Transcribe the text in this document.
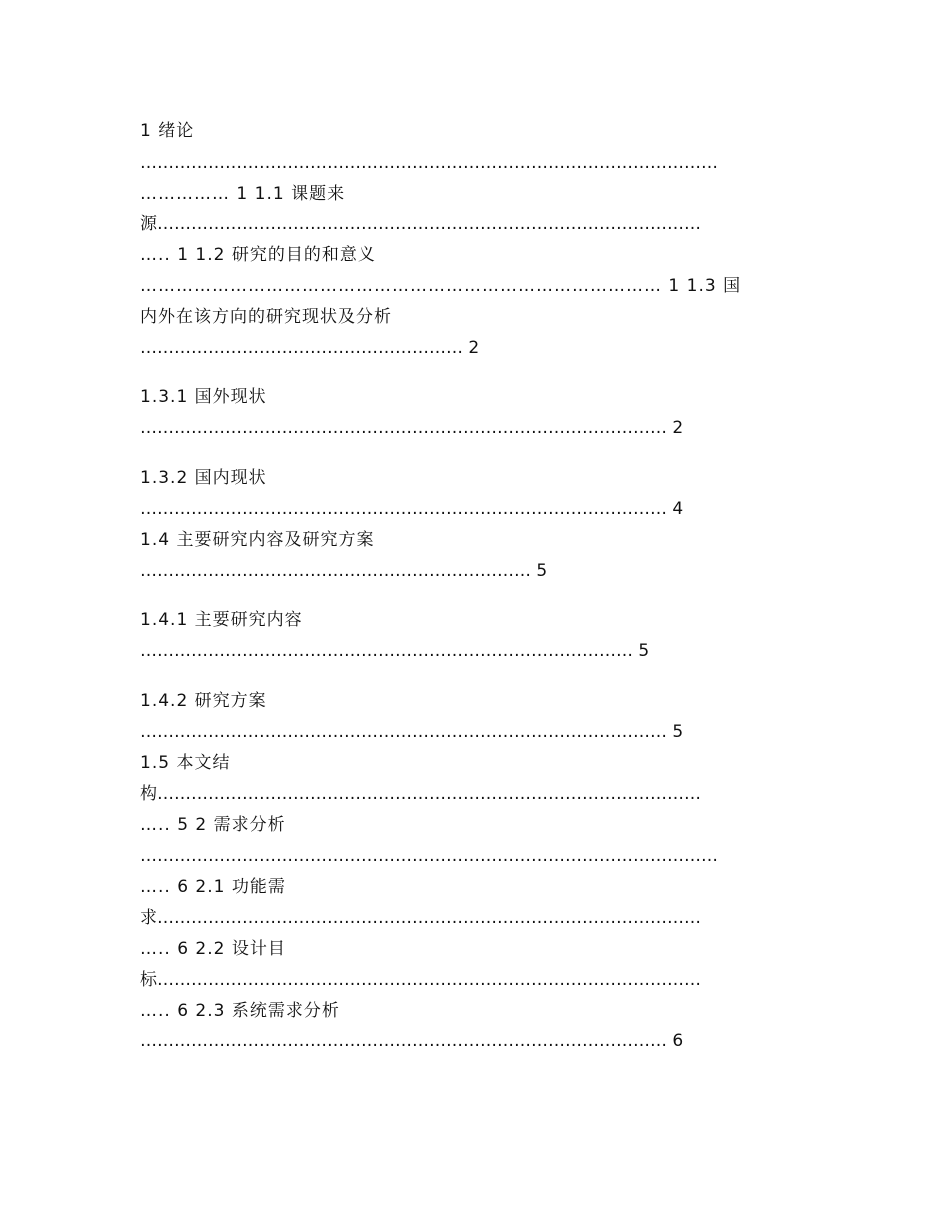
1 绪论
…………………………………………………………………………………………
…………… 1 1.1 课题来
源……………………………………………………………………………………
….. 1 1.2 研究的目的和意义
…………………………………………………………………………… 1 1.3 国
内外在该方向的研究现状及分析
………………………………………………… 2
1.3.1 国外现状
………………………………………………………………………………… 2
1.3.2 国内现状
………………………………………………………………………………… 4
1.4 主要研究内容及研究方案
…………………………………………………………… 5
1.4.1 主要研究内容
…………………………………………………………………………… 5
1.4.2 研究方案
………………………………………………………………………………… 5
1.5 本文结
构……………………………………………………………………………………
….. 5 2 需求分析
…………………………………………………………………………………………
….. 6 2.1 功能需
求……………………………………………………………………………………
….. 6 2.2 设计目
标……………………………………………………………………………………
….. 6 2.3 系统需求分析
………………………………………………………………………………… 6
